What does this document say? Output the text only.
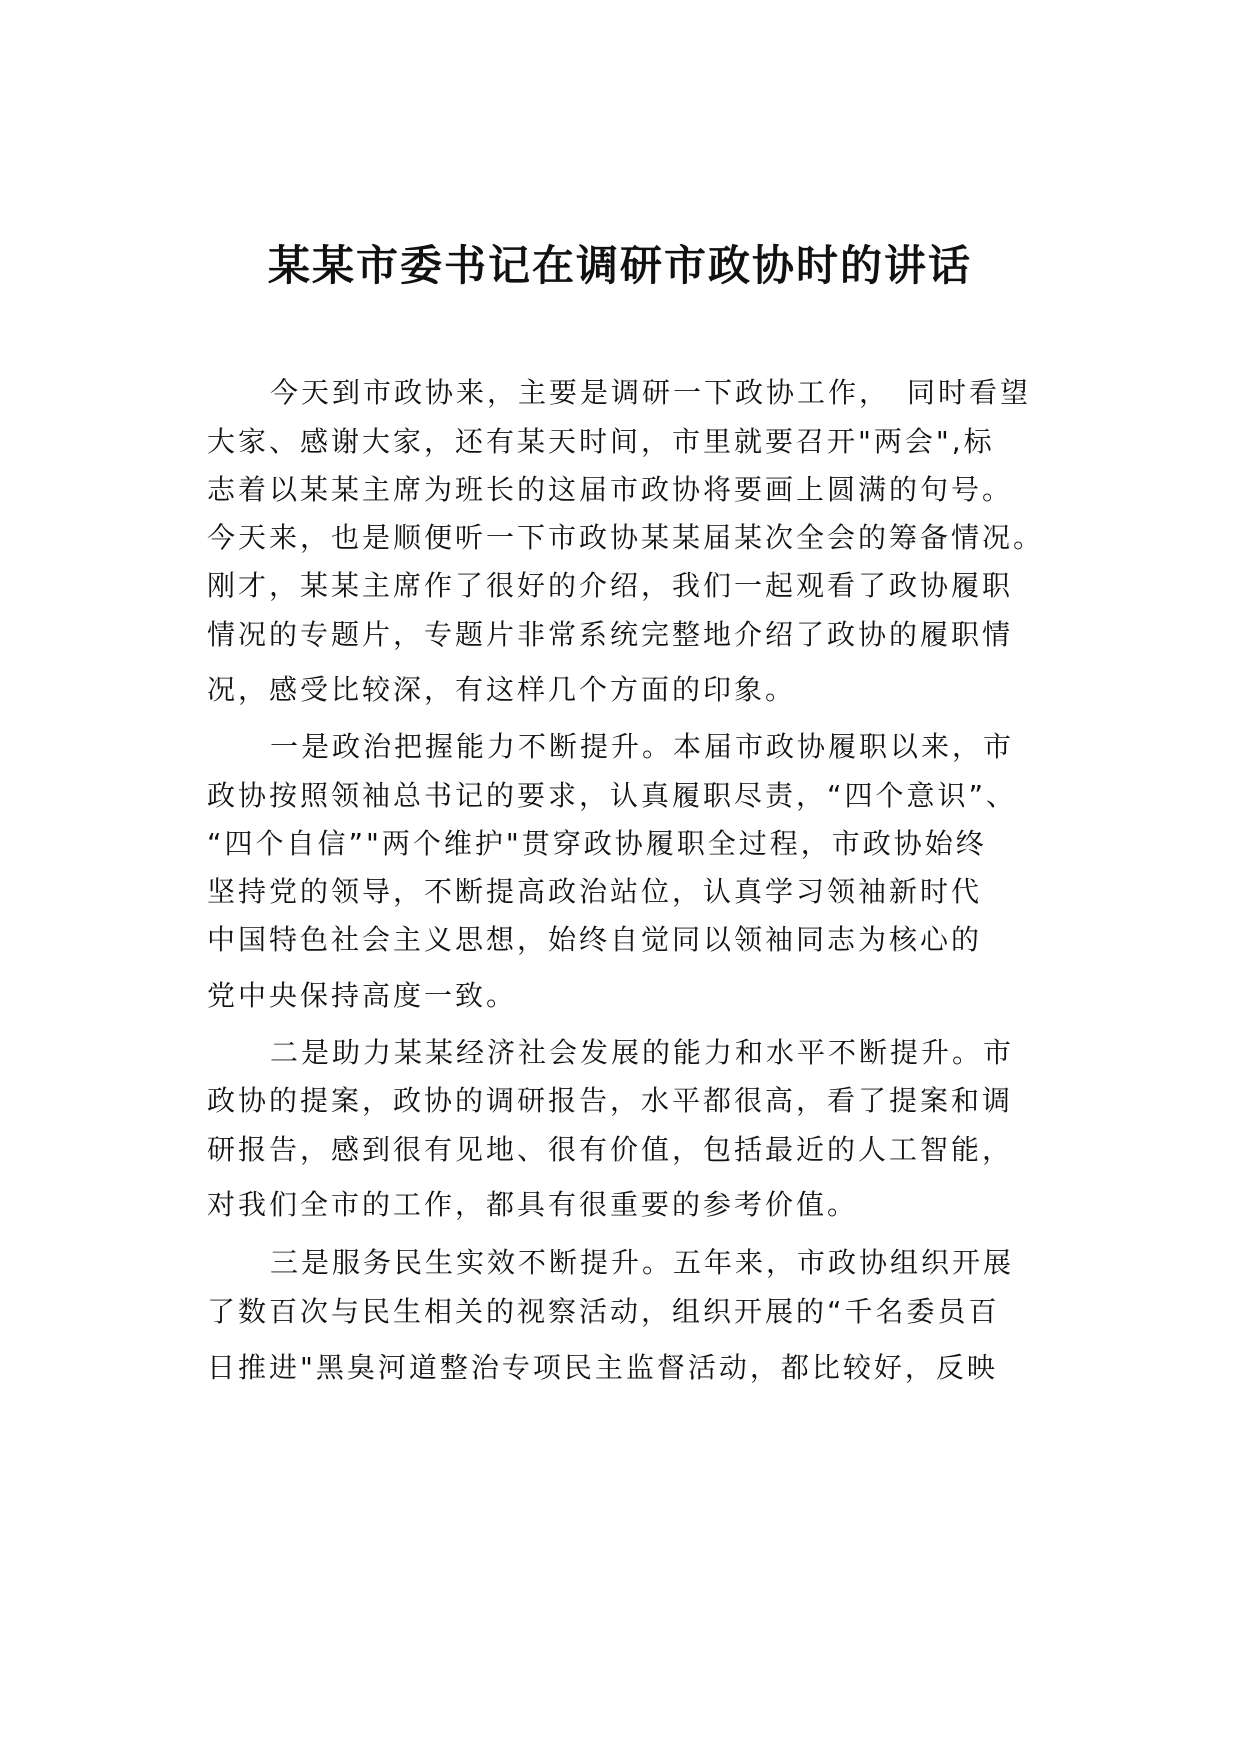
某某市委书记在调研市政协时的讲话

今天到市政协来，主要是调研一下政协工作，　同时看望

大家、感谢大家，还有某天时间，市里就要召开"两会",标

志着以某某主席为班长的这届市政协将要画上圆满的句号。

今天来，也是顺便听一下市政协某某届某次全会的筹备情况。

刚才，某某主席作了很好的介绍，我们一起观看了政协履职

情况的专题片，专题片非常系统完整地介绍了政协的履职情

况，感受比较深，有这样几个方面的印象。

一是政治把握能力不断提升。本届市政协履职以来，市

政协按照领袖总书记的要求，认真履职尽责，“四个意识”、

“四个自信”"两个维护"贯穿政协履职全过程，市政协始终

坚持党的领导，不断提高政治站位，认真学习领袖新时代

中国特色社会主义思想，始终自觉同以领袖同志为核心的

党中央保持高度一致。

二是助力某某经济社会发展的能力和水平不断提升。市

政协的提案，政协的调研报告，水平都很高，看了提案和调

研报告，感到很有见地、很有价值，包括最近的人工智能，

对我们全市的工作，都具有很重要的参考价值。

三是服务民生实效不断提升。五年来，市政协组织开展

了数百次与民生相关的视察活动，组织开展的“千名委员百

日推进"黑臭河道整治专项民主监督活动，都比较好，反映
